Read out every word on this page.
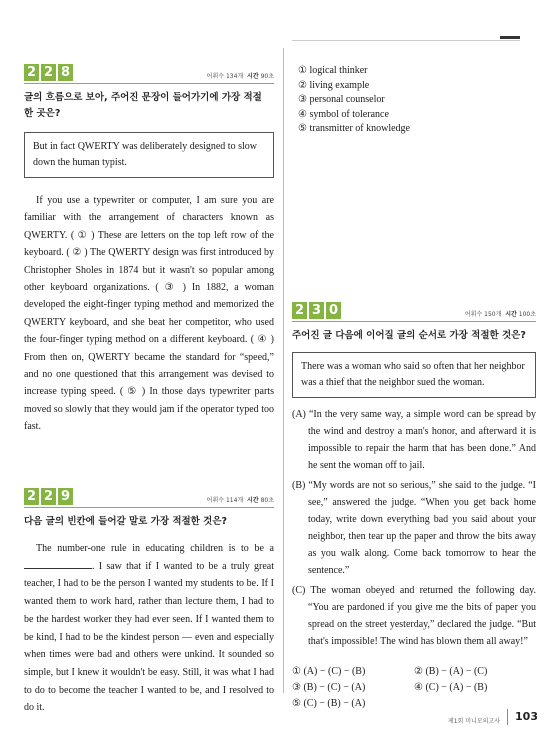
2 2 8	어휘수 134개 시간 90초
글의 흐름으로 보아, 주어진 문장이 들어가기에 가장 적절한 곳은?
But in fact QWERTY was deliberately designed to slow down the human typist.
If you use a typewriter or computer, I am sure you are familiar with the arrangement of characters known as QWERTY. ( ① ) These are letters on the top left row of the keyboard. ( ② ) The QWERTY design was first introduced by Christopher Sholes in 1874 but it wasn't so popular among other keyboard organizations. ( ③ ) In 1882, a woman developed the eight-finger typing method and memorized the QWERTY keyboard, and she beat her competitor, who used the four-finger typing method on a different keyboard. ( ④ ) From then on, QWERTY became the standard for “speed,” and no one questioned that this arrangement was devised to increase typing speed. ( ⑤ ) In those days typewriter parts moved so slowly that they would jam if the operator typed too fast.
2 2 9	어휘수 114개 시간 80초
다음 글의 빈칸에 들어갈 말로 가장 적절한 것은?
The number-one rule in educating children is to be a . I saw that if I wanted to be a truly great teacher, I had to be the person I wanted my students to be. If I wanted them to work hard, rather than lecture them, I had to be the hardest worker they had ever seen. If I wanted them to be kind, I had to be the kindest person — even and especially when times were bad and others were unkind. It sounded so simple, but I knew it wouldn't be easy. Still, it was what I had to do to become the teacher I wanted to be, and I resolved to do it.
① logical thinker
② living example
③ personal counselor
④ symbol of tolerance
⑤ transmitter of knowledge
2 3 0	어휘수 150개 시간 100초
주어진 글 다음에 이어질 글의 순서로 가장 적절한 것은?
There was a woman who said so often that her neighbor was a thief that the neighbor sued the woman.
(A) “In the very same way, a simple word can be spread by the wind and destroy a man's honor, and afterward it is impossible to repair the harm that has been done.” And he sent the woman off to jail.
(B) “My words are not so serious,” she said to the judge. “I see,” answered the judge. “When you get back home today, write down everything bad you said about your neighbor, then tear up the paper and throw the bits away as you walk along. Come back tomorrow to hear the sentence.”
(C) The woman obeyed and returned the following day. “You are pardoned if you give me the bits of paper you spread on the street yesterday,” declared the judge. “But that's impossible! The wind has blown them all away!”
① (A) − (C) − (B)	② (B) − (A) − (C)
③ (B) − (C) − (A)	④ (C) − (A) − (B)
⑤ (C) − (B) − (A)
제1회 미니모의고사 103
